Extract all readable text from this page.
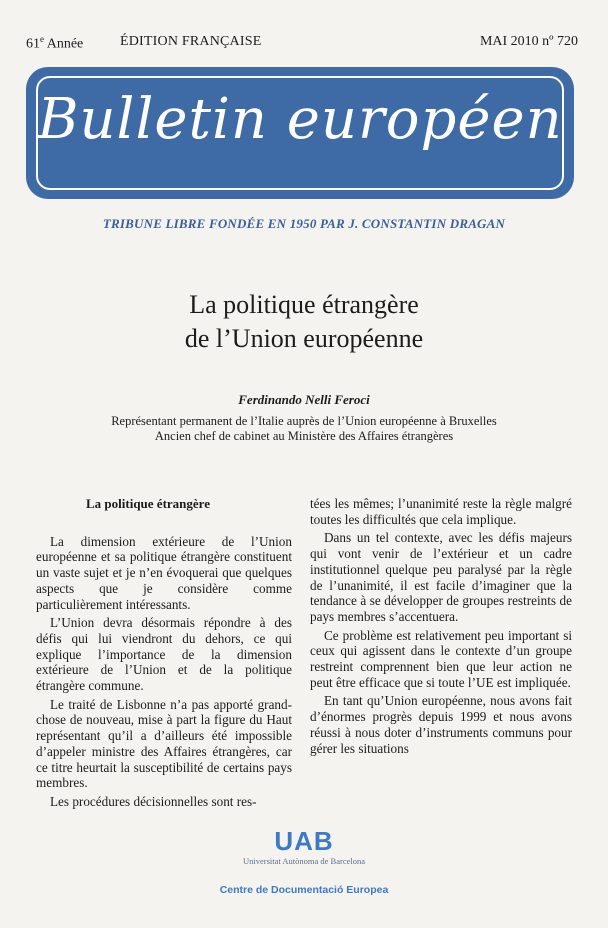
61e Année	ÉDITION FRANÇAISE	MAI 2010 nº 720
Bulletin européen
TRIBUNE LIBRE FONDÉE EN 1950 PAR J. CONSTANTIN DRAGAN
La politique étrangère
de l’Union européenne
Ferdinando Nelli Feroci
Représentant permanent de l’Italie auprès de l’Union européenne à Bruxelles
Ancien chef de cabinet au Ministère des Affaires étrangères
La politique étrangère

La dimension extérieure de l’Union européenne et sa politique étrangère constituent un vaste sujet et je n’en évoquerai que quelques aspects que je considère comme particulièrement intéressants.

L’Union devra désormais répondre à des défis qui lui viendront du dehors, ce qui explique l’importance de la dimension extérieure de l’Union et de la politique étrangère commune.

Le traité de Lisbonne n’a pas apporté grand-chose de nouveau, mise à part la figure du Haut représentant qu’il a d’ailleurs été impossible d’appeler ministre des Affaires étrangères, car ce titre heurtait la susceptibilité de certains pays membres.

Les procédures décisionnelles sont res-

tées les mêmes; l’unanimité reste la règle malgré toutes les difficultés que cela implique.

Dans un tel contexte, avec les défis majeurs qui vont venir de l’extérieur et un cadre institutionnel quelque peu paralysé par la règle de l’unanimité, il est facile d’imaginer que la tendance à se développer de groupes restreints de pays membres s’accentuera.

Ce problème est relativement peu important si ceux qui agissent dans le contexte d’un groupe restreint comprennent bien que leur action ne peut être efficace que si toute l’UE est impliquée.

En tant qu’Union européenne, nous avons fait d’énormes progrès depuis 1999 et nous avons réussi à nous doter d’instruments communs pour gérer les situations

UAB
Universitat Autònoma de Barcelona
Centre de Documentació Europea
